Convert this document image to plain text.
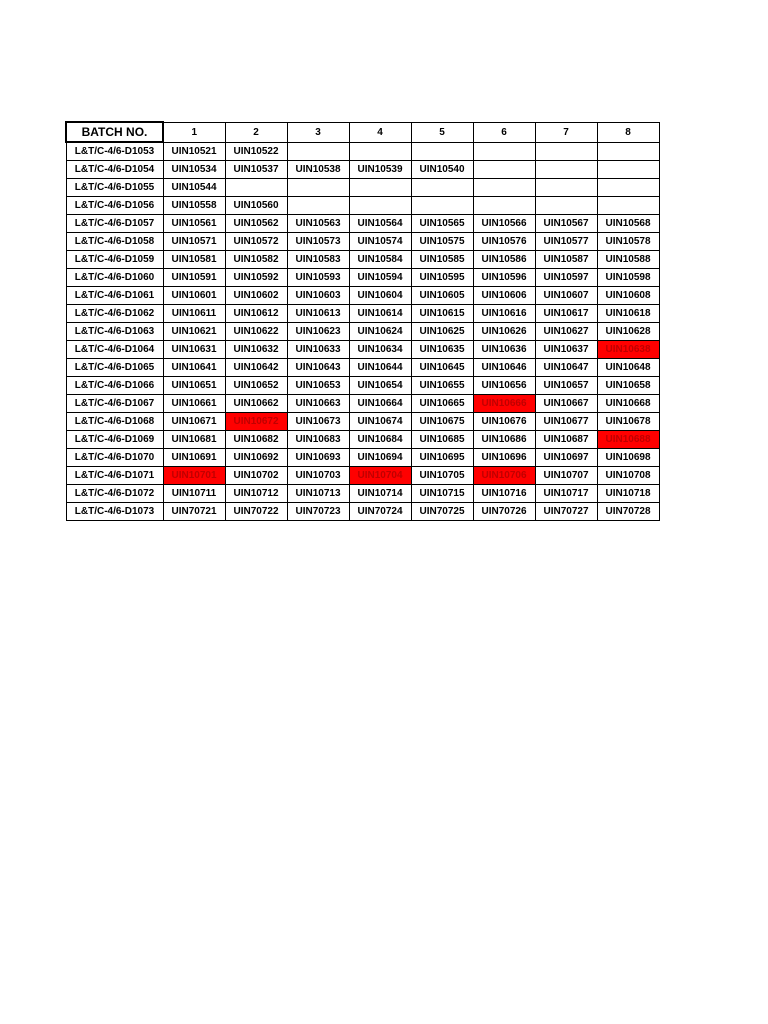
BATCH NO.	1	2	3	4	5	6	7	8
L&T/C-4/6-D1053	UIN10521	UIN10522						
L&T/C-4/6-D1054	UIN10534	UIN10537	UIN10538	UIN10539	UIN10540			
L&T/C-4/6-D1055	UIN10544							
L&T/C-4/6-D1056	UIN10558	UIN10560						
L&T/C-4/6-D1057	UIN10561	UIN10562	UIN10563	UIN10564	UIN10565	UIN10566	UIN10567	UIN10568
L&T/C-4/6-D1058	UIN10571	UIN10572	UIN10573	UIN10574	UIN10575	UIN10576	UIN10577	UIN10578
L&T/C-4/6-D1059	UIN10581	UIN10582	UIN10583	UIN10584	UIN10585	UIN10586	UIN10587	UIN10588
L&T/C-4/6-D1060	UIN10591	UIN10592	UIN10593	UIN10594	UIN10595	UIN10596	UIN10597	UIN10598
L&T/C-4/6-D1061	UIN10601	UIN10602	UIN10603	UIN10604	UIN10605	UIN10606	UIN10607	UIN10608
L&T/C-4/6-D1062	UIN10611	UIN10612	UIN10613	UIN10614	UIN10615	UIN10616	UIN10617	UIN10618
L&T/C-4/6-D1063	UIN10621	UIN10622	UIN10623	UIN10624	UIN10625	UIN10626	UIN10627	UIN10628
L&T/C-4/6-D1064	UIN10631	UIN10632	UIN10633	UIN10634	UIN10635	UIN10636	UIN10637	UIN10638
L&T/C-4/6-D1065	UIN10641	UIN10642	UIN10643	UIN10644	UIN10645	UIN10646	UIN10647	UIN10648
L&T/C-4/6-D1066	UIN10651	UIN10652	UIN10653	UIN10654	UIN10655	UIN10656	UIN10657	UIN10658
L&T/C-4/6-D1067	UIN10661	UIN10662	UIN10663	UIN10664	UIN10665	UIN10666	UIN10667	UIN10668
L&T/C-4/6-D1068	UIN10671	UIN10672	UIN10673	UIN10674	UIN10675	UIN10676	UIN10677	UIN10678
L&T/C-4/6-D1069	UIN10681	UIN10682	UIN10683	UIN10684	UIN10685	UIN10686	UIN10687	UIN10688
L&T/C-4/6-D1070	UIN10691	UIN10692	UIN10693	UIN10694	UIN10695	UIN10696	UIN10697	UIN10698
L&T/C-4/6-D1071	UIN10701	UIN10702	UIN10703	UIN10704	UIN10705	UIN10706	UIN10707	UIN10708
L&T/C-4/6-D1072	UIN10711	UIN10712	UIN10713	UIN10714	UIN10715	UIN10716	UIN10717	UIN10718
L&T/C-4/6-D1073	UIN70721	UIN70722	UIN70723	UIN70724	UIN70725	UIN70726	UIN70727	UIN70728
